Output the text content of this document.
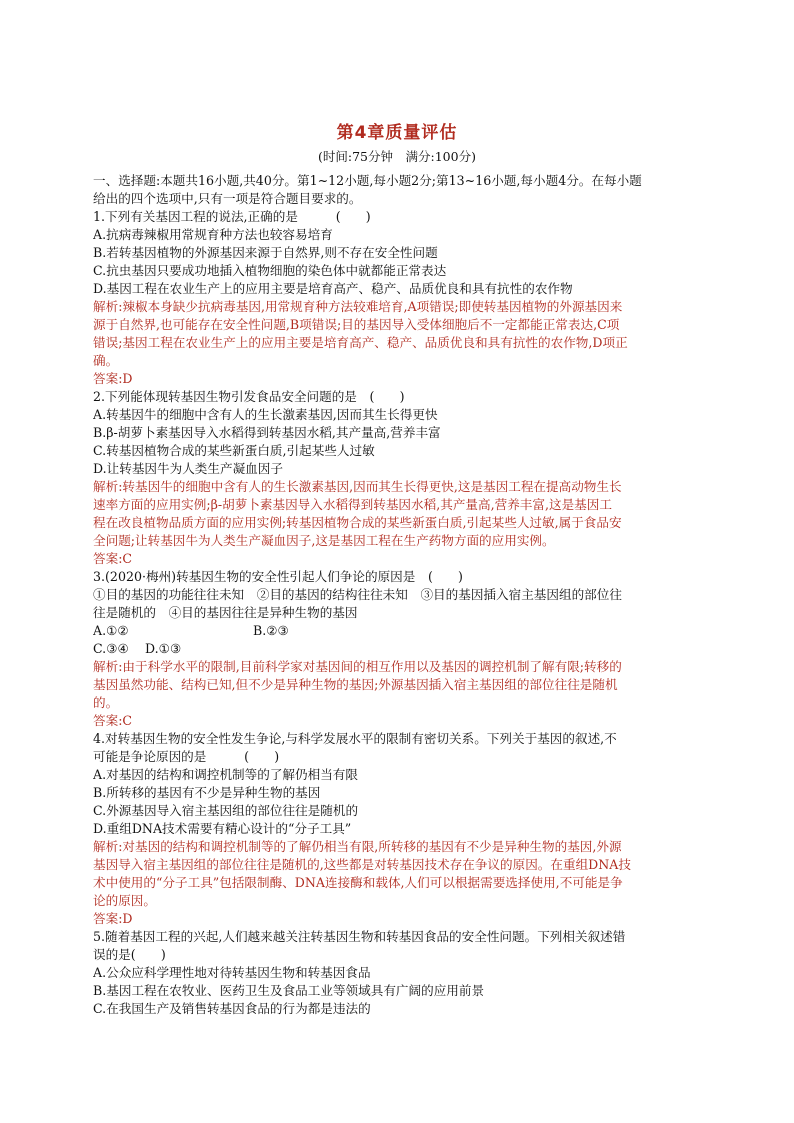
第4章质量评估
(时间:75分钟　满分:100分)
一、选择题:本题共16小题,共40分。第1~12小题,每小题2分;第13~16小题,每小题4分。在每小题
给出的四个选项中,只有一项是符合题目要求的。
1.下列有关基因工程的说法,正确的是　　　(　　)
A.抗病毒辣椒用常规育种方法也较容易培育
B.若转基因植物的外源基因来源于自然界,则不存在安全性问题
C.抗虫基因只要成功地插入植物细胞的染色体中就都能正常表达
D.基因工程在农业生产上的应用主要是培育高产、稳产、品质优良和具有抗性的农作物
解析:辣椒本身缺少抗病毒基因,用常规育种方法较难培育,A项错误;即使转基因植物的外源基因来
源于自然界,也可能存在安全性问题,B项错误;目的基因导入受体细胞后不一定都能正常表达,C项
错误;基因工程在农业生产上的应用主要是培育高产、稳产、品质优良和具有抗性的农作物,D项正
确。
答案:D
2.下列能体现转基因生物引发食品安全问题的是　(　　)
A.转基因牛的细胞中含有人的生长激素基因,因而其生长得更快
B.β-胡萝卜素基因导入水稻得到转基因水稻,其产量高,营养丰富
C.转基因植物合成的某些新蛋白质,引起某些人过敏
D.让转基因牛为人类生产凝血因子
解析:转基因牛的细胞中含有人的生长激素基因,因而其生长得更快,这是基因工程在提高动物生长
速率方面的应用实例;β-胡萝卜素基因导入水稻得到转基因水稻,其产量高,营养丰富,这是基因工
程在改良植物品质方面的应用实例;转基因植物合成的某些新蛋白质,引起某些人过敏,属于食品安
全问题;让转基因牛为人类生产凝血因子,这是基因工程在生产药物方面的应用实例。
答案:C
3.(2020·梅州)转基因生物的安全性引起人们争论的原因是　(　　)
①目的基因的功能往往未知　②目的基因的结构往往未知　③目的基因插入宿主基因组的部位往
往是随机的　④目的基因往往是异种生物的基因
A.①②	B.②③
C.③④	D.①③
解析:由于科学水平的限制,目前科学家对基因间的相互作用以及基因的调控机制了解有限;转移的
基因虽然功能、结构已知,但不少是异种生物的基因;外源基因插入宿主基因组的部位往往是随机
的。
答案:C
4.对转基因生物的安全性发生争论,与科学发展水平的限制有密切关系。下列关于基因的叙述,不
可能是争论原因的是　　　(　　)
A.对基因的结构和调控机制等的了解仍相当有限
B.所转移的基因有不少是异种生物的基因
C.外源基因导入宿主基因组的部位往往是随机的
D.重组DNA技术需要有精心设计的“分子工具”
解析:对基因的结构和调控机制等的了解仍相当有限,所转移的基因有不少是异种生物的基因,外源
基因导入宿主基因组的部位往往是随机的,这些都是对转基因技术存在争议的原因。在重组DNA技
术中使用的“分子工具”包括限制酶、DNA连接酶和载体,人们可以根据需要选择使用,不可能是争
论的原因。
答案:D
5.随着基因工程的兴起,人们越来越关注转基因生物和转基因食品的安全性问题。下列相关叙述错
误的是(　　)
A.公众应科学理性地对待转基因生物和转基因食品
B.基因工程在农牧业、医药卫生及食品工业等领域具有广阔的应用前景
C.在我国生产及销售转基因食品的行为都是违法的
